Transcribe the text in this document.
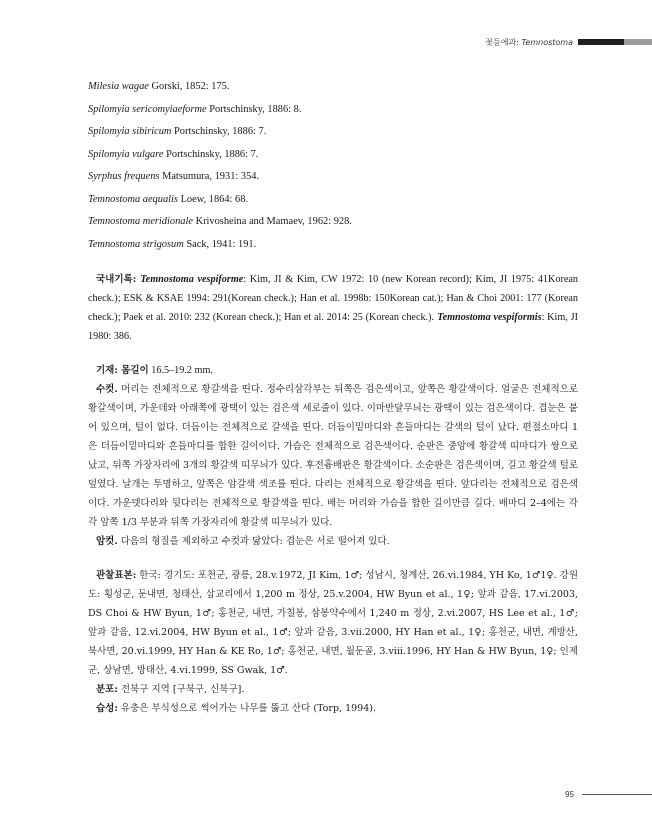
꽃등에과: Temnostoma

Milesia wagae Gorski, 1852: 175.

Spilomyia sericomyiaeforme Portschinsky, 1886: 8.

Spilomyia sibiricum Portschinsky, 1886: 7.

Spilomyia vulgare Portschinsky, 1886: 7.

Syrphus frequens Matsumura, 1931: 354.

Temnostoma aequalis Loew, 1864: 68.

Temnostoma meridionale Krivosheina and Mamaev, 1962: 928.

Temnostoma strigosum Sack, 1941: 191.

국내기록: Temnostoma vespiforme: Kim, JI & Kim, CW 1972: 10 (new Korean record); Kim, JI 1975: 41Korean check.); ESK & KSAE 1994: 291(Korean check.); Han et al. 1998b: 150Korean cat.); Han & Choi 2001: 177 (Korean check.); Paek et al. 2010: 232 (Korean check.); Han et al. 2014: 25 (Korean check.). Temnostoma vespiformis: Kim, JI 1980: 386.

기재: 몸길이 16.5–19.2 mm.

수컷. 머리는 전체적으로 황갈색을 띤다. 정수리삼각부는 뒤쪽은 검은색이고, 앞쪽은 황갈색이다. 얼굴은 전체적으로 황갈색이며, 가운데와 아래쪽에 광택이 있는 검은색 세로줄이 있다. 이마반달무늬는 광택이 있는 검은색이다. 겹눈은 붙어 있으며, 털이 없다. 더듬이는 전체적으로 갈색을 띤다. 더듬이밑마디와 흔들마디는 갈색의 털이 났다. 편절소마디 1은 더듬이밑마디와 흔들마디를 합한 길이이다. 가슴은 전체적으로 검은색이다. 순판은 중앙에 황갈색 띠마디가 쌍으로 났고, 뒤쪽 가장자리에 3개의 황갈색 띠무늬가 있다. 후전흉배판은 황갈색이다. 소순판은 검은색이며, 길고 황갈색 털로 덮였다. 날개는 투명하고, 앞쪽은 암갈색 색조를 띤다. 다리는 전체적으로 황갈색을 띤다. 앞다리는 전체적으로 검은색이다. 가운뎃다리와 뒷다리는 전체적으로 황갈색을 띤다. 배는 머리와 가슴을 합한 길이만큼 길다. 배마디 2–4에는 각각 앞쪽 1/3 부분과 뒤쪽 가장자리에 황갈색 띠무늬가 있다.

암컷. 다음의 형질을 제외하고 수컷과 닮았다: 겹눈은 서로 떨어져 있다.

관찰표본: 한국: 경기도: 포천군, 광릉, 28.v.1972, JI Kim, 1♂; 성남시, 청계산, 26.vi.1984, YH Ko, 1♂1♀. 강원도: 횡성군, 둔내면, 청태산, 삽교리에서 1,200 m 정상, 25.v.2004, HW Byun et al., 1♀; 앞과 같음, 17.vi.2003, DS Choi & HW Byun, 1♂; 홍천군, 내면, 가칠봉, 삼봉약수에서 1,240 m 정상, 2.vi.2007, HS Lee et al., 1♂; 앞과 같음, 12.vi.2004, HW Byun et al., 1♂; 앞과 같음, 3.vii.2000, HY Han et al., 1♀; 홍천군, 내면, 계방산, 북사면, 20.vi.1999, HY Han & KE Ro, 1♂; 홍천군, 내면, 월둔골, 3.viii.1996, HY Han & HW Byun, 1♀; 인제군, 상남면, 방태산, 4.vi.1999, SS Gwak, 1♂.

분포: 전북구 지역 [구북구, 신북구].

습성: 유충은 부식성으로 썩어가는 나무를 뚫고 산다 (Torp, 1994).

95
